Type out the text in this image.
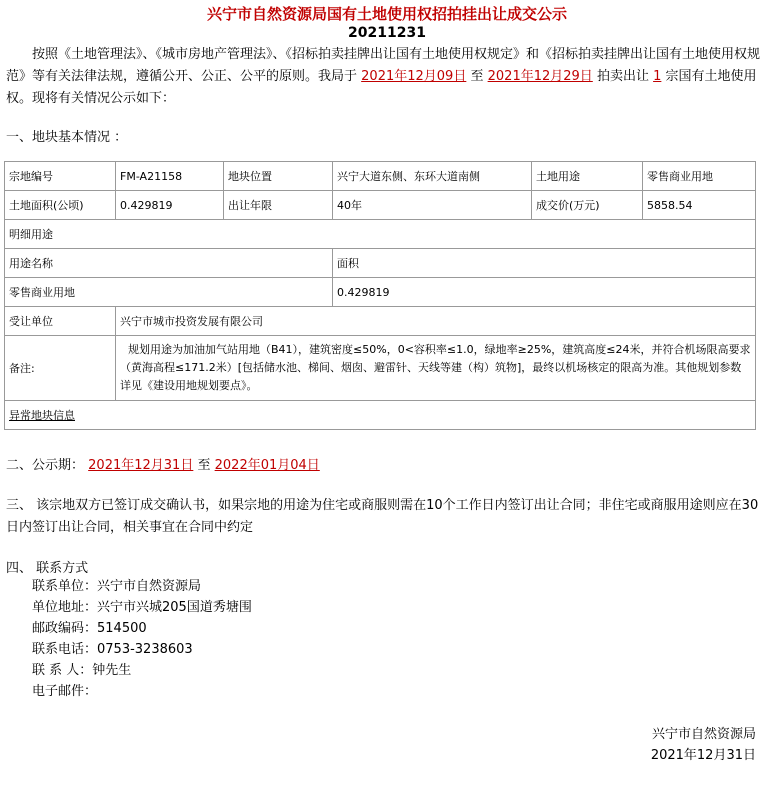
兴宁市自然资源局国有土地使用权招拍挂出让成交公示
20211231
按照《土地管理法》、《城市房地产管理法》、《招标拍卖挂牌出让国有土地使用权规定》和《招标拍卖挂牌出让国有土地使用权规范》等有关法律法规，遵循公开、公正、公平的原则。我局于 2021年12月09日 至 2021年12月29日 拍卖出让 1 宗国有土地使用权。现将有关情况公示如下：
一、地块基本情况 ：
宗地编号	FM-A21158	地块位置	兴宁大道东侧、东环大道南侧	土地用途	零售商业用地
土地面积(公顷)	0.429819	出让年限	40年	成交价(万元)	5858.54
明细用途					
用途名称			面积		
零售商业用地			0.429819		
受让单位	兴宁市城市投资发展有限公司				
备注:	规划用途为加油加气站用地（B41），建筑密度≤50%，0<容积率≤1.0，绿地率≥25%，建筑高度≤24米，并符合机场限高要求（黄海高程≤171.2米）[包括储水池、梯间、烟囱、避雷针、天线等建（构）筑物]，最终以机场核定的限高为准。其他规划参数详见《建设用地规划要点》。				
异常地块信息					
二、公示期： 2021年12月31日 至 2022年01月04日
三、 该宗地双方已签订成交确认书，如果宗地的用途为住宅或商服则需在10个工作日内签订出让合同；非住宅或商服用途则应在30日内签订出让合同，相关事宜在合同中约定
四、 联系方式
联系单位：兴宁市自然资源局
单位地址：兴宁市兴城205国道秀塘围
邮政编码：514500
联系电话：0753-3238603
联 系 人：钟先生
电子邮件：
兴宁市自然资源局
2021年12月31日
